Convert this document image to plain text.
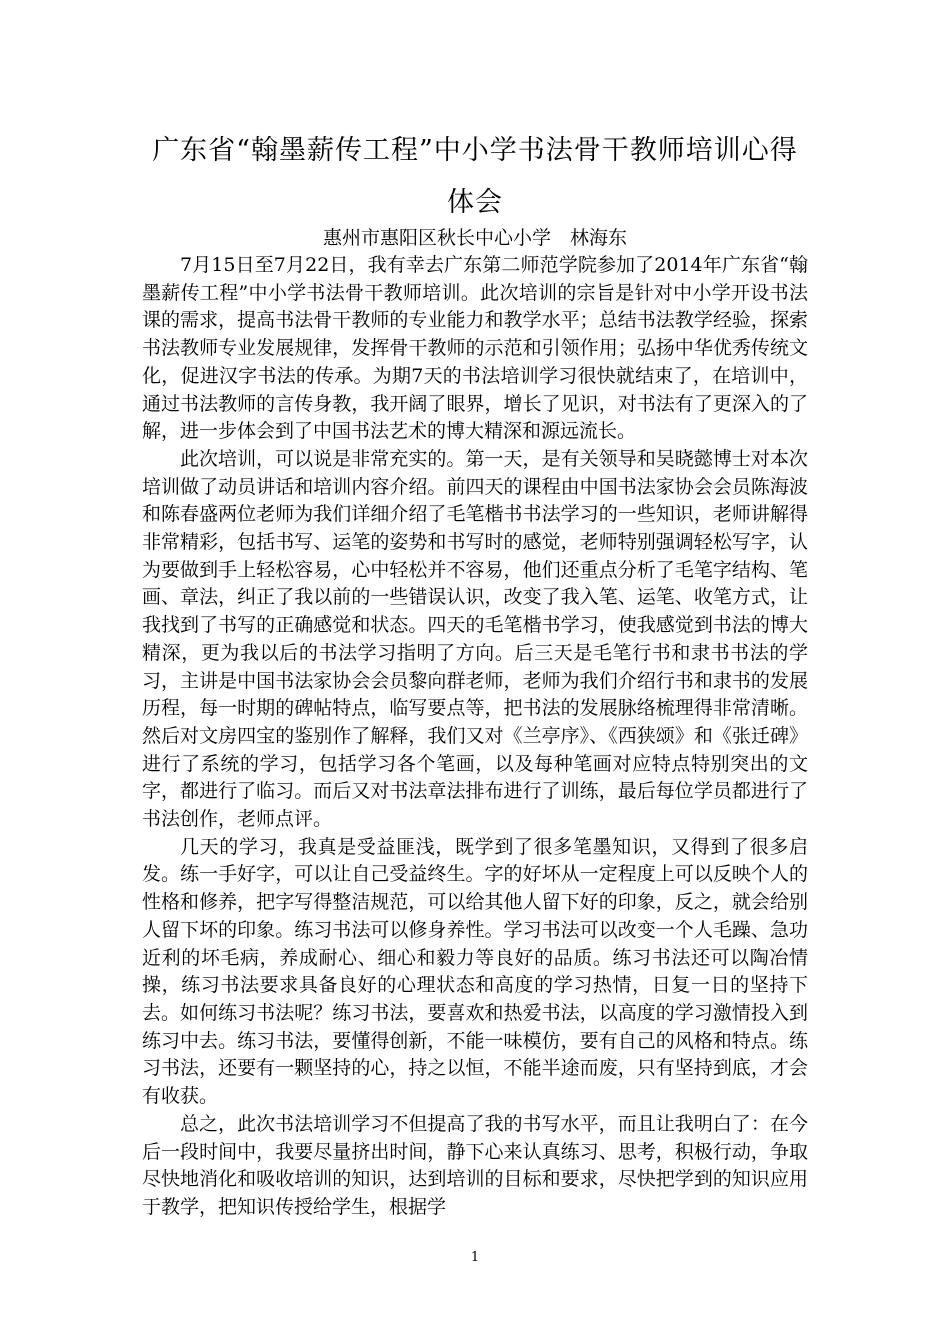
广东省“翰墨薪传工程”中小学书法骨干教师培训心得体会
惠州市惠阳区秋长中心小学　林海东

7月15日至7月22日，我有幸去广东第二师范学院参加了2014年广东省“翰墨薪传工程”中小学书法骨干教师培训。此次培训的宗旨是针对中小学开设书法课的需求，提高书法骨干教师的专业能力和教学水平；总结书法教学经验，探索书法教师专业发展规律，发挥骨干教师的示范和引领作用；弘扬中华优秀传统文化，促进汉字书法的传承。为期7天的书法培训学习很快就结束了，在培训中，通过书法教师的言传身教，我开阔了眼界，增长了见识，对书法有了更深入的了解，进一步体会到了中国书法艺术的博大精深和源远流长。

此次培训，可以说是非常充实的。第一天，是有关领导和吴晓懿博士对本次培训做了动员讲话和培训内容介绍。前四天的课程由中国书法家协会会员陈海波和陈春盛两位老师为我们详细介绍了毛笔楷书书法学习的一些知识，老师讲解得非常精彩，包括书写、运笔的姿势和书写时的感觉，老师特别强调轻松写字，认为要做到手上轻松容易，心中轻松并不容易，他们还重点分析了毛笔字结构、笔画、章法，纠正了我以前的一些错误认识，改变了我入笔、运笔、收笔方式，让我找到了书写的正确感觉和状态。四天的毛笔楷书学习，使我感觉到书法的博大精深，更为我以后的书法学习指明了方向。后三天是毛笔行书和隶书书法的学习，主讲是中国书法家协会会员黎向群老师，老师为我们介绍行书和隶书的发展历程，每一时期的碑帖特点，临写要点等，把书法的发展脉络梳理得非常清晰。然后对文房四宝的鉴别作了解释，我们又对《兰亭序》、《西狭颂》和《张迁碑》进行了系统的学习，包括学习各个笔画，以及每种笔画对应特点特别突出的文字，都进行了临习。而后又对书法章法排布进行了训练，最后每位学员都进行了书法创作，老师点评。

几天的学习，我真是受益匪浅，既学到了很多笔墨知识，又得到了很多启发。练一手好字，可以让自己受益终生。字的好坏从一定程度上可以反映个人的性格和修养，把字写得整洁规范，可以给其他人留下好的印象，反之，就会给别人留下坏的印象。练习书法可以修身养性。学习书法可以改变一个人毛躁、急功近利的坏毛病，养成耐心、细心和毅力等良好的品质。练习书法还可以陶冶情操，练习书法要求具备良好的心理状态和高度的学习热情，日复一日的坚持下去。如何练习书法呢？练习书法，要喜欢和热爱书法，以高度的学习激情投入到练习中去。练习书法，要懂得创新，不能一味模仿，要有自己的风格和特点。练习书法，还要有一颗坚持的心，持之以恒，不能半途而废，只有坚持到底，才会有收获。

总之，此次书法培训学习不但提高了我的书写水平，而且让我明白了：在今后一段时间中，我要尽量挤出时间，静下心来认真练习、思考，积极行动，争取尽快地消化和吸收培训的知识，达到培训的目标和要求，尽快把学到的知识应用于教学，把知识传授给学生，根据学

1
